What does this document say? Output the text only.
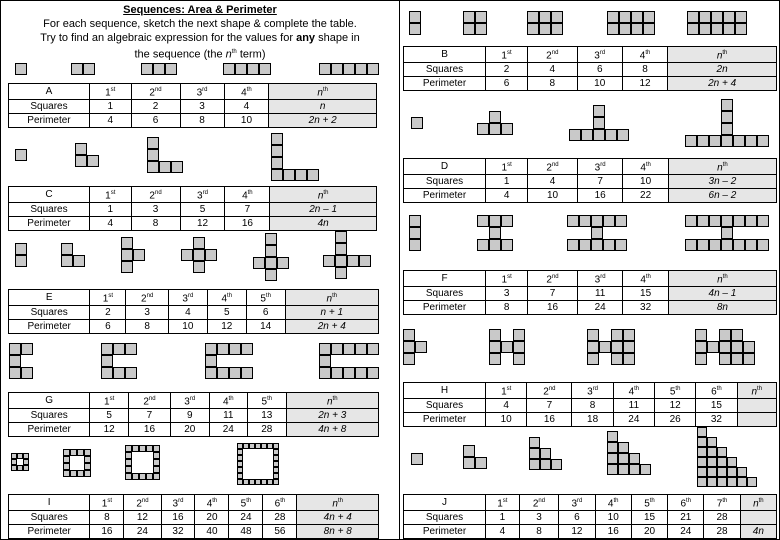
Sequences: Area & Perimeter
For each sequence, sketch the next shape & complete the table.
Try to find an algebraic expression for the values for any shape in
the sequence (the $n^{th}$ term)
A	1st	2nd	3rd	4th	$n^{th}$
Squares	1	2	3	4	n
Perimeter	4	6	8	10	2n + 2
B	1st	2nd	3rd	4th	$n^{th}$
Squares	2	4	6	8	2n
Perimeter	6	8	10	12	2n + 4
C	1st	2nd	3rd	4th	$n^{th}$
Squares	1	3	5	7	2n – 1
Perimeter	4	8	12	16	4n
D	1st	2nd	3rd	4th	$n^{th}$
Squares	1	4	7	10	3n – 2
Perimeter	4	10	16	22	6n – 2
E	1st	2nd	3rd	4th	5th	$n^{th}$
Squares	2	3	4	5	6	n + 1
Perimeter	6	8	10	12	14	2n + 4
F	1st	2nd	3rd	4th	$n^{th}$
Squares	3	7	11	15	4n – 1
Perimeter	8	16	24	32	8n
G	1st	2nd	3rd	4th	5th	$n^{th}$
Squares	5	7	9	11	13	2n + 3
Perimeter	12	16	20	24	28	4n + 8
H	1st	2nd	3rd	4th	5th	6th	$n^{th}$
Squares	4	7	8	11	12	15	
Perimeter	10	16	18	24	26	32	
I	1st	2nd	3rd	4th	5th	6th	$n^{th}$
Squares	8	12	16	20	24	28	4n + 4
Perimeter	16	24	32	40	48	56	8n + 8
J	1st	2nd	3rd	4th	5th	6th	7th	$n^{th}$
Squares	1	3	6	10	15	21	28	
Perimeter	4	8	12	16	20	24	28	4n
